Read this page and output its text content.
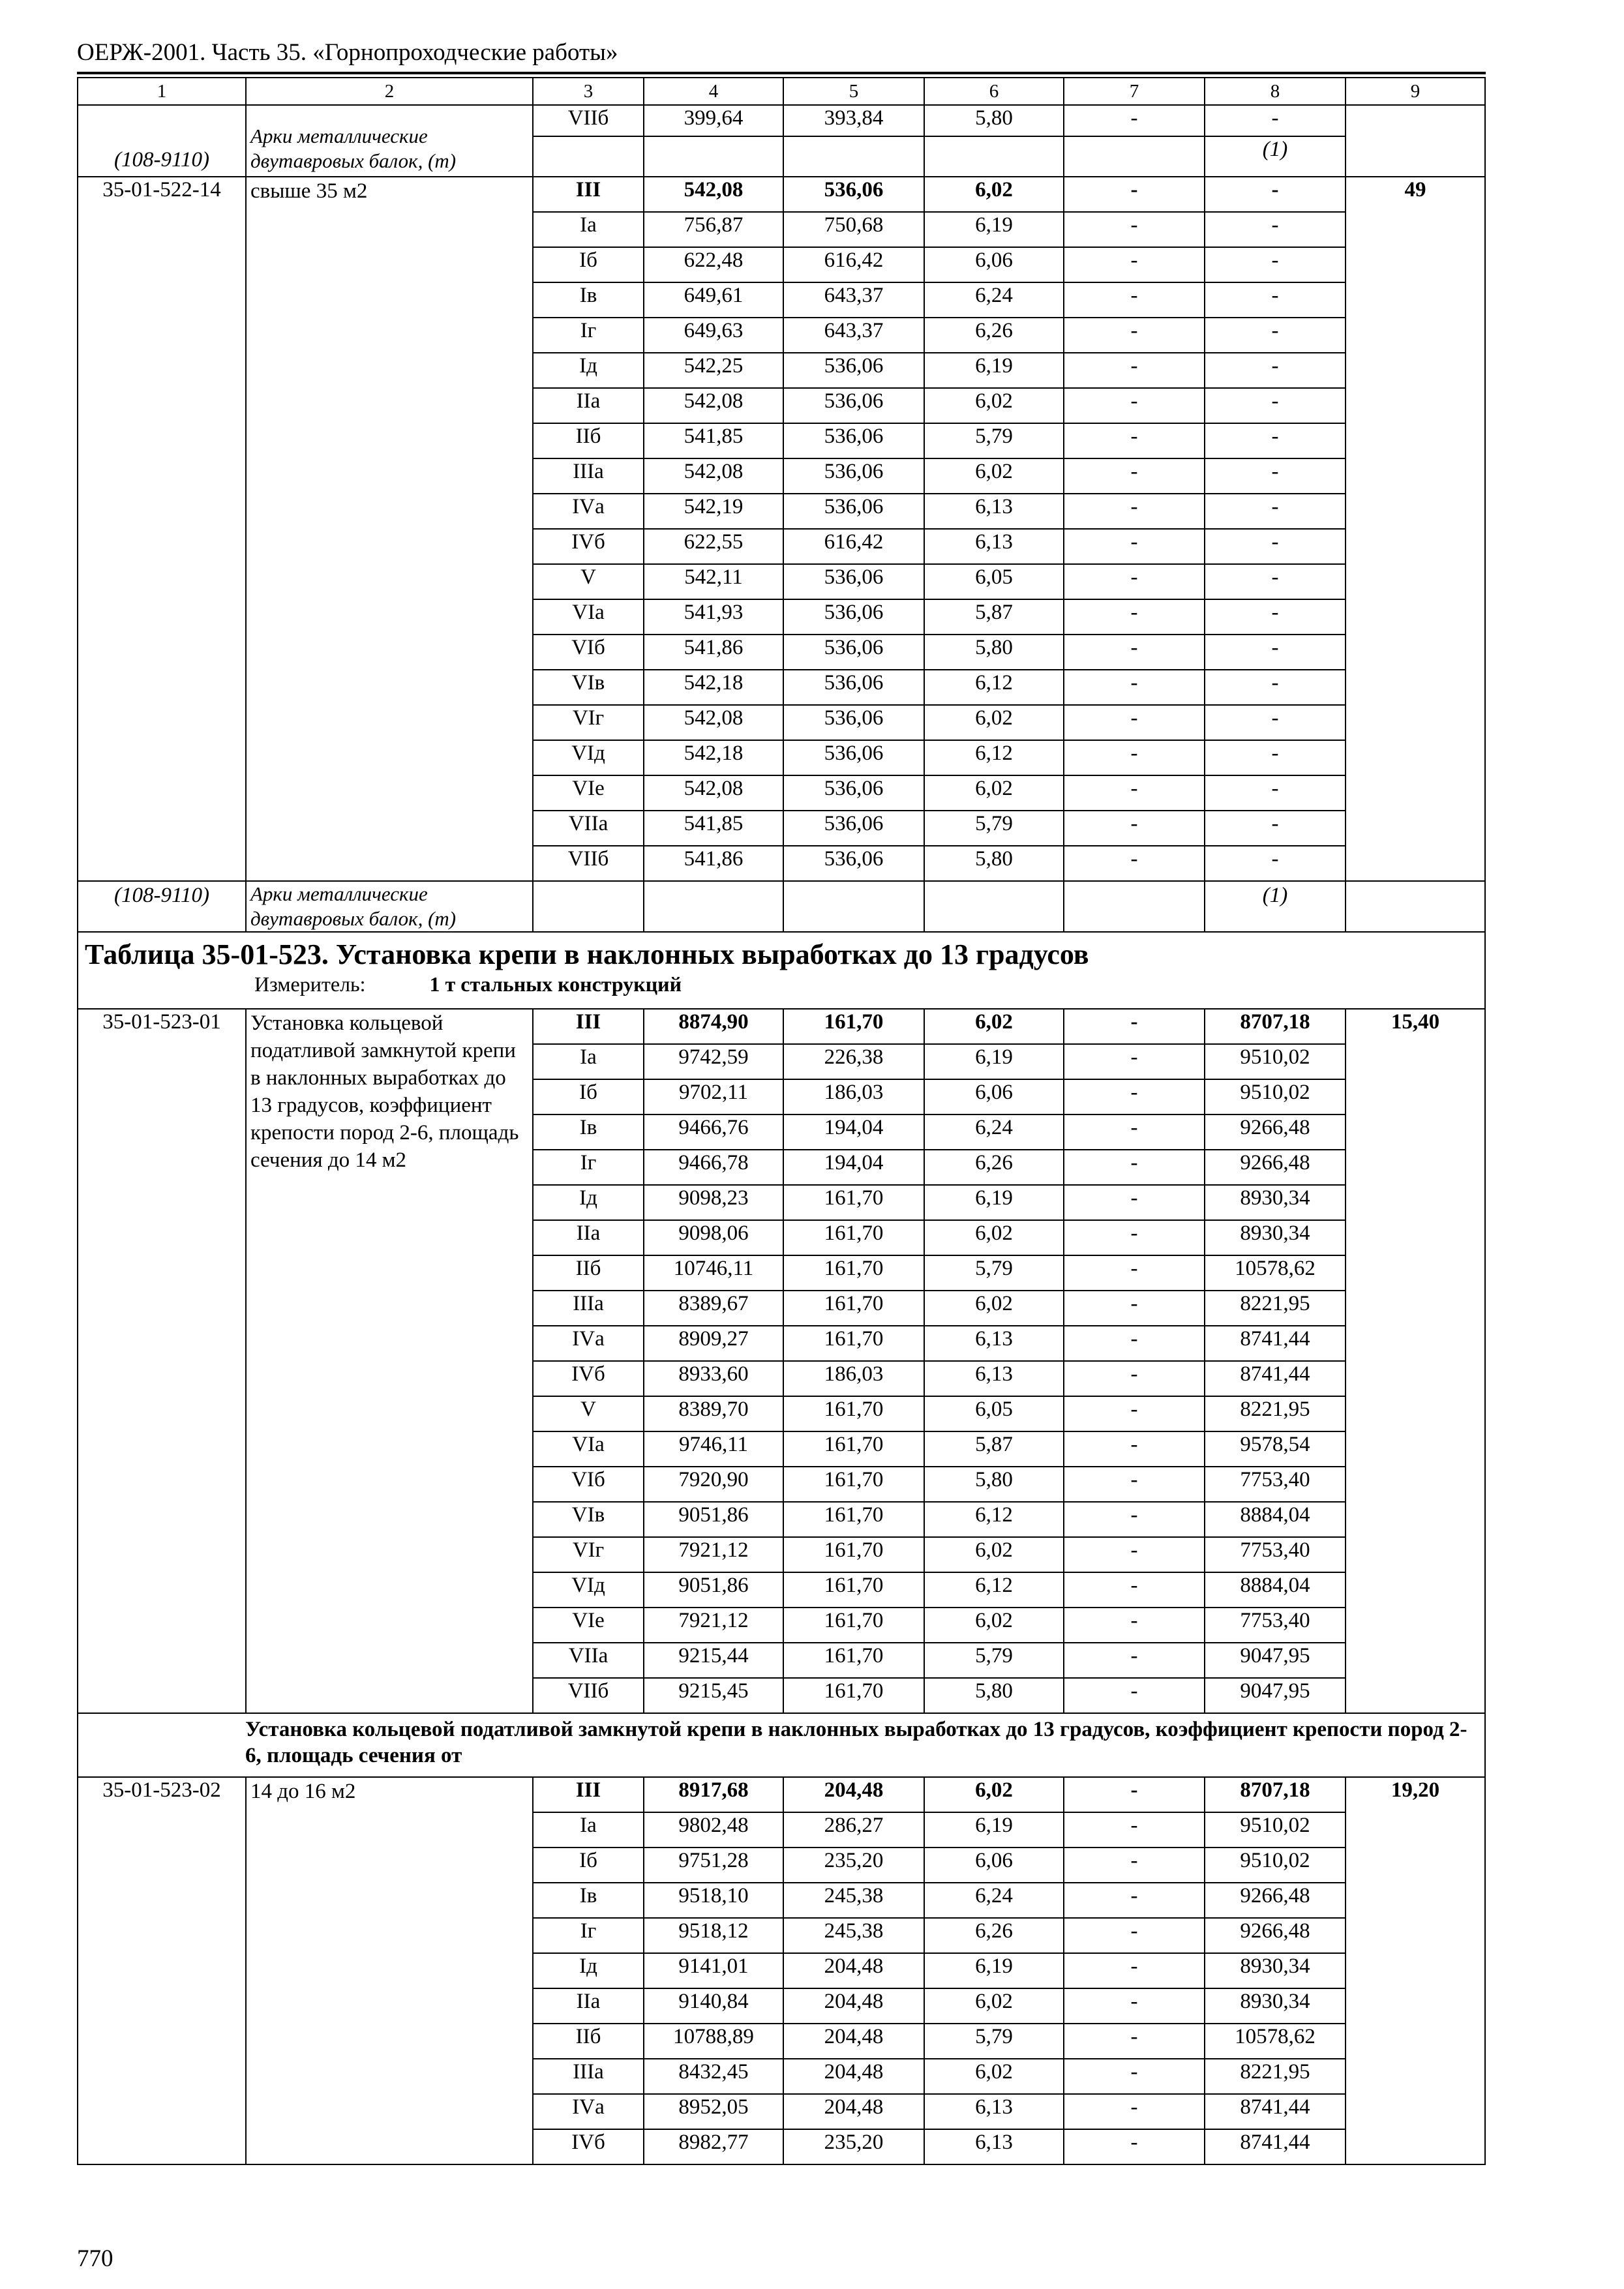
ОЕРЖ-2001. Часть 35. «Горнопроходческие работы»
1	2	3	4	5	6	7	8	9
(108-9110)	Арки металлические двутавровых балок, (т)	VIIб	399,64	393,84	5,80	-	-	
							(1)	
35-01-522-14	свыше 35 м2	III	542,08	536,06	6,02	-	-	49
		Iа	756,87	750,68	6,19	-	-	
		Iб	622,48	616,42	6,06	-	-	
		Iв	649,61	643,37	6,24	-	-	
		Iг	649,63	643,37	6,26	-	-	
		Iд	542,25	536,06	6,19	-	-	
		IIа	542,08	536,06	6,02	-	-	
		IIб	541,85	536,06	5,79	-	-	
		IIIа	542,08	536,06	6,02	-	-	
		IVа	542,19	536,06	6,13	-	-	
		IVб	622,55	616,42	6,13	-	-	
		V	542,11	536,06	6,05	-	-	
		VIа	541,93	536,06	5,87	-	-	
		VIб	541,86	536,06	5,80	-	-	
		VIв	542,18	536,06	6,12	-	-	
		VIг	542,08	536,06	6,02	-	-	
		VIд	542,18	536,06	6,12	-	-	
		VIе	542,08	536,06	6,02	-	-	
		VIIа	541,85	536,06	5,79	-	-	
		VIIб	541,86	536,06	5,80	-	-	
(108-9110)	Арки металлические двутавровых балок, (т)						(1)	

Таблица 35-01-523. Установка крепи в наклонных выработках до 13 градусов
Измеритель: 1 т стальных конструкций								

35-01-523-01	Установка кольцевой податливой замкнутой крепи в наклонных выработках до 13 градусов, коэффициент крепости пород 2-6, площадь сечения до 14 м2	III	8874,90	161,70	6,02	-	8707,18	15,40
		Iа	9742,59	226,38	6,19	-	9510,02	
		Iб	9702,11	186,03	6,06	-	9510,02	
		Iв	9466,76	194,04	6,24	-	9266,48	
		Iг	9466,78	194,04	6,26	-	9266,48	
		Iд	9098,23	161,70	6,19	-	8930,34	
		IIа	9098,06	161,70	6,02	-	8930,34	
		IIб	10746,11	161,70	5,79	-	10578,62	
		IIIа	8389,67	161,70	6,02	-	8221,95	
		IVа	8909,27	161,70	6,13	-	8741,44	
		IVб	8933,60	186,03	6,13	-	8741,44	
		V	8389,70	161,70	6,05	-	8221,95	
		VIа	9746,11	161,70	5,87	-	9578,54	
		VIб	7920,90	161,70	5,80	-	7753,40	
		VIв	9051,86	161,70	6,12	-	8884,04	
		VIг	7921,12	161,70	6,02	-	7753,40	
		VIд	9051,86	161,70	6,12	-	8884,04	
		VIе	7921,12	161,70	6,02	-	7753,40	
		VIIа	9215,44	161,70	5,79	-	9047,95	
		VIIб	9215,45	161,70	5,80	-	9047,95	
Установка кольцевой податливой замкнутой крепи в наклонных выработках до 13 градусов, коэффициент крепости пород 2-6, площадь сечения от								
35-01-523-02	14 до 16 м2	III	8917,68	204,48	6,02	-	8707,18	19,20
		Iа	9802,48	286,27	6,19	-	9510,02	
		Iб	9751,28	235,20	6,06	-	9510,02	
		Iв	9518,10	245,38	6,24	-	9266,48	
		Iг	9518,12	245,38	6,26	-	9266,48	
		Iд	9141,01	204,48	6,19	-	8930,34	
		IIа	9140,84	204,48	6,02	-	8930,34	
		IIб	10788,89	204,48	5,79	-	10578,62	
		IIIа	8432,45	204,48	6,02	-	8221,95	
		IVа	8952,05	204,48	6,13	-	8741,44	
		IVб	8982,77	235,20	6,13	-	8741,44	
770
